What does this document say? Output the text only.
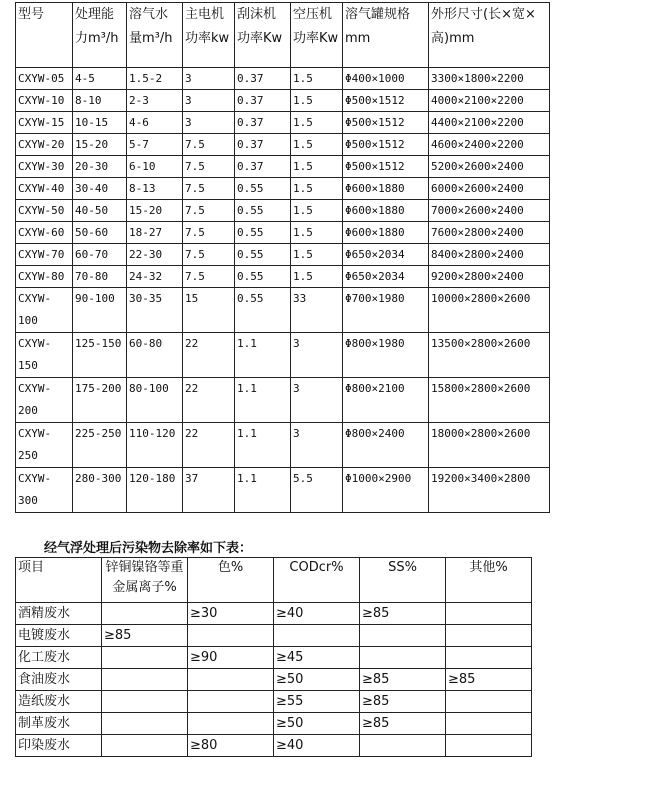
型号	处理能力m³/h	溶气水量m³/h	主电机功率kw	刮沫机功率Kw	空压机功率Kw	溶气罐规格mm	外形尺寸(长×宽×高)mm
CXYW-05	4-5	1.5-2	3	0.37	1.5	Φ400×1000	3300×1800×2200
CXYW-10	8-10	2-3	3	0.37	1.5	Φ500×1512	4000×2100×2200
CXYW-15	10-15	4-6	3	0.37	1.5	Φ500×1512	4400×2100×2200
CXYW-20	15-20	5-7	7.5	0.37	1.5	Φ500×1512	4600×2400×2200
CXYW-30	20-30	6-10	7.5	0.37	1.5	Φ500×1512	5200×2600×2400
CXYW-40	30-40	8-13	7.5	0.55	1.5	Φ600×1880	6000×2600×2400
CXYW-50	40-50	15-20	7.5	0.55	1.5	Φ600×1880	7000×2600×2400
CXYW-60	50-60	18-27	7.5	0.55	1.5	Φ600×1880	7600×2800×2400
CXYW-70	60-70	22-30	7.5	0.55	1.5	Φ650×2034	8400×2800×2400
CXYW-80	70-80	24-32	7.5	0.55	1.5	Φ650×2034	9200×2800×2400
CXYW-100	90-100	30-35	15	0.55	33	Φ700×1980	10000×2800×2600
CXYW-150	125-150	60-80	22	1.1	3	Φ800×1980	13500×2800×2600
CXYW-200	175-200	80-100	22	1.1	3	Φ800×2100	15800×2800×2600
CXYW-250	225-250	110-120	22	1.1	3	Φ800×2400	18000×2800×2600
CXYW-300	280-300	120-180	37	1.1	5.5	Φ1000×2900	19200×3400×2800
经气浮处理后污染物去除率如下表：
项目	锌铜镍铬等重金属离子%	色%	CODcr%	SS%	其他%
酒精废水		≥30	≥40	≥85	
电镀废水	≥85				
化工废水		≥90	≥45		
食油废水			≥50	≥85	≥85
造纸废水			≥55	≥85	
制革废水			≥50	≥85	
印染废水		≥80	≥40		
